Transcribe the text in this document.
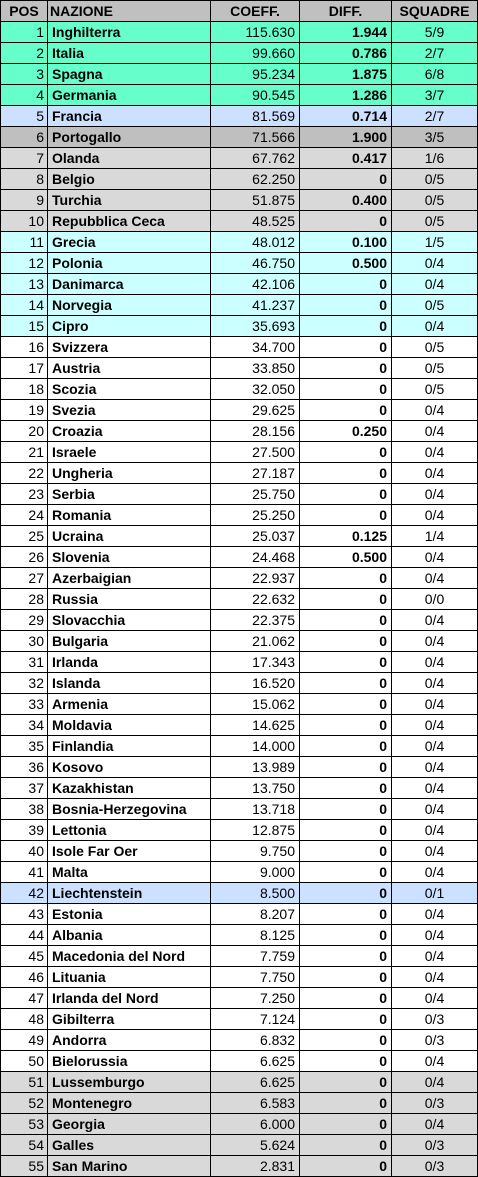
POS	NAZIONE	COEFF.	DIFF.	SQUADRE
1	Inghilterra	115.630	1.944	5/9
2	Italia	99.660	0.786	2/7
3	Spagna	95.234	1.875	6/8
4	Germania	90.545	1.286	3/7
5	Francia	81.569	0.714	2/7
6	Portogallo	71.566	1.900	3/5
7	Olanda	67.762	0.417	1/6
8	Belgio	62.250	0	0/5
9	Turchia	51.875	0.400	0/5
10	Repubblica Ceca	48.525	0	0/5
11	Grecia	48.012	0.100	1/5
12	Polonia	46.750	0.500	0/4
13	Danimarca	42.106	0	0/4
14	Norvegia	41.237	0	0/5
15	Cipro	35.693	0	0/4
16	Svizzera	34.700	0	0/5
17	Austria	33.850	0	0/5
18	Scozia	32.050	0	0/5
19	Svezia	29.625	0	0/4
20	Croazia	28.156	0.250	0/4
21	Israele	27.500	0	0/4
22	Ungheria	27.187	0	0/4
23	Serbia	25.750	0	0/4
24	Romania	25.250	0	0/4
25	Ucraina	25.037	0.125	1/4
26	Slovenia	24.468	0.500	0/4
27	Azerbaigian	22.937	0	0/4
28	Russia	22.632	0	0/0
29	Slovacchia	22.375	0	0/4
30	Bulgaria	21.062	0	0/4
31	Irlanda	17.343	0	0/4
32	Islanda	16.520	0	0/4
33	Armenia	15.062	0	0/4
34	Moldavia	14.625	0	0/4
35	Finlandia	14.000	0	0/4
36	Kosovo	13.989	0	0/4
37	Kazakhistan	13.750	0	0/4
38	Bosnia-Herzegovina	13.718	0	0/4
39	Lettonia	12.875	0	0/4
40	Isole Far Oer	9.750	0	0/4
41	Malta	9.000	0	0/4
42	Liechtenstein	8.500	0	0/1
43	Estonia	8.207	0	0/4
44	Albania	8.125	0	0/4
45	Macedonia del Nord	7.759	0	0/4
46	Lituania	7.750	0	0/4
47	Irlanda del Nord	7.250	0	0/4
48	Gibilterra	7.124	0	0/3
49	Andorra	6.832	0	0/3
50	Bielorussia	6.625	0	0/4
51	Lussemburgo	6.625	0	0/4
52	Montenegro	6.583	0	0/3
53	Georgia	6.000	0	0/4
54	Galles	5.624	0	0/3
55	San Marino	2.831	0	0/3
